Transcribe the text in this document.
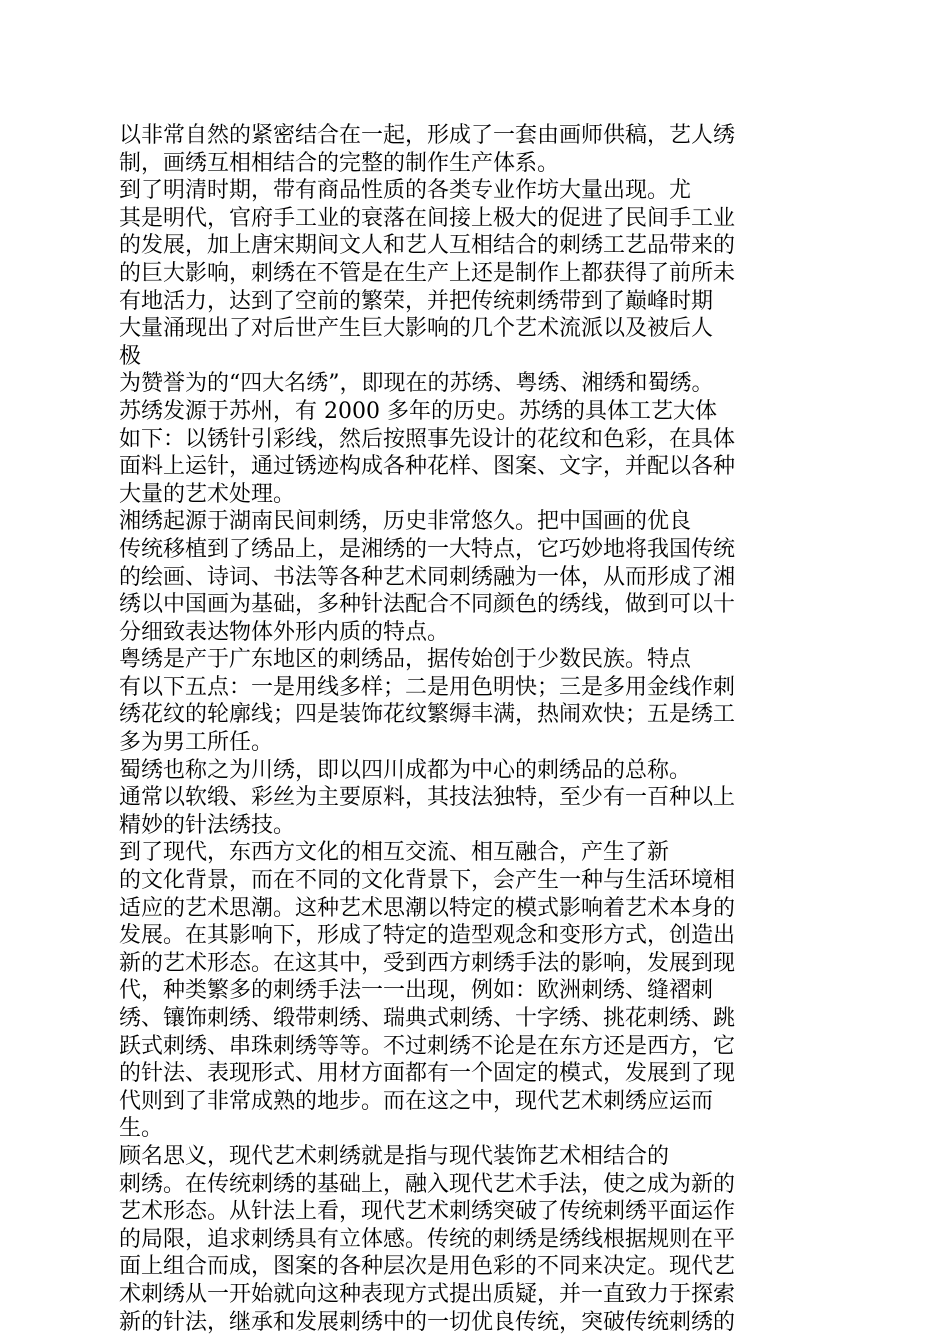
以非常自然的紧密结合在一起，形成了一套由画师供稿，艺人绣
制，画绣互相相结合的完整的制作生产体系。
到了明清时期，带有商品性质的各类专业作坊大量出现。尤
其是明代，官府手工业的衰落在间接上极大的促进了民间手工业
的发展，加上唐宋期间文人和艺人互相结合的刺绣工艺品带来的
的巨大影响，刺绣在不管是在生产上还是制作上都获得了前所未
有地活力，达到了空前的繁荣，并把传统刺绣带到了巅峰时期
大量涌现出了对后世产生巨大影响的几个艺术流派以及被后人
极
为赞誉为的“四大名绣”，即现在的苏绣、粤绣、湘绣和蜀绣。
苏绣发源于苏州，有 2000 多年的历史。苏绣的具体工艺大体
如下：以锈针引彩线，然后按照事先设计的花纹和色彩，在具体
面料上运针，通过锈迹构成各种花样、图案、文字，并配以各种
大量的艺术处理。
湘绣起源于湖南民间刺绣，历史非常悠久。把中国画的优良
传统移植到了绣品上，是湘绣的一大特点，它巧妙地将我国传统
的绘画、诗词、书法等各种艺术同刺绣融为一体，从而形成了湘
绣以中国画为基础，多种针法配合不同颜色的绣线，做到可以十
分细致表达物体外形内质的特点。
粤绣是产于广东地区的刺绣品，据传始创于少数民族。特点
有以下五点：一是用线多样；二是用色明快；三是多用金线作刺
绣花纹的轮廓线；四是装饰花纹繁缛丰满，热闹欢快；五是绣工
多为男工所任。
蜀绣也称之为川绣，即以四川成都为中心的刺绣品的总称。
通常以软缎、彩丝为主要原料，其技法独特，至少有一百种以上
精妙的针法绣技。
到了现代，东西方文化的相互交流、相互融合，产生了新
的文化背景，而在不同的文化背景下，会产生一种与生活环境相
适应的艺术思潮。这种艺术思潮以特定的模式影响着艺术本身的
发展。在其影响下，形成了特定的造型观念和变形方式，创造出
新的艺术形态。在这其中，受到西方刺绣手法的影响，发展到现
代，种类繁多的刺绣手法一一出现，例如：欧洲刺绣、缝褶刺
绣、镶饰刺绣、缎带刺绣、瑞典式刺绣、十字绣、挑花刺绣、跳
跃式刺绣、串珠刺绣等等。不过刺绣不论是在东方还是西方，它
的针法、表现形式、用材方面都有一个固定的模式，发展到了现
代则到了非常成熟的地步。而在这之中，现代艺术刺绣应运而
生。
顾名思义，现代艺术刺绣就是指与现代装饰艺术相结合的
刺绣。在传统刺绣的基础上，融入现代艺术手法，使之成为新的
艺术形态。从针法上看，现代艺术刺绣突破了传统刺绣平面运作
的局限，追求刺绣具有立体感。传统的刺绣是绣线根据规则在平
面上组合而成，图案的各种层次是用色彩的不同来决定。现代艺
术刺绣从一开始就向这种表现方式提出质疑，并一直致力于探索
新的针法，继承和发展刺绣中的一切优良传统，突破传统刺绣的
